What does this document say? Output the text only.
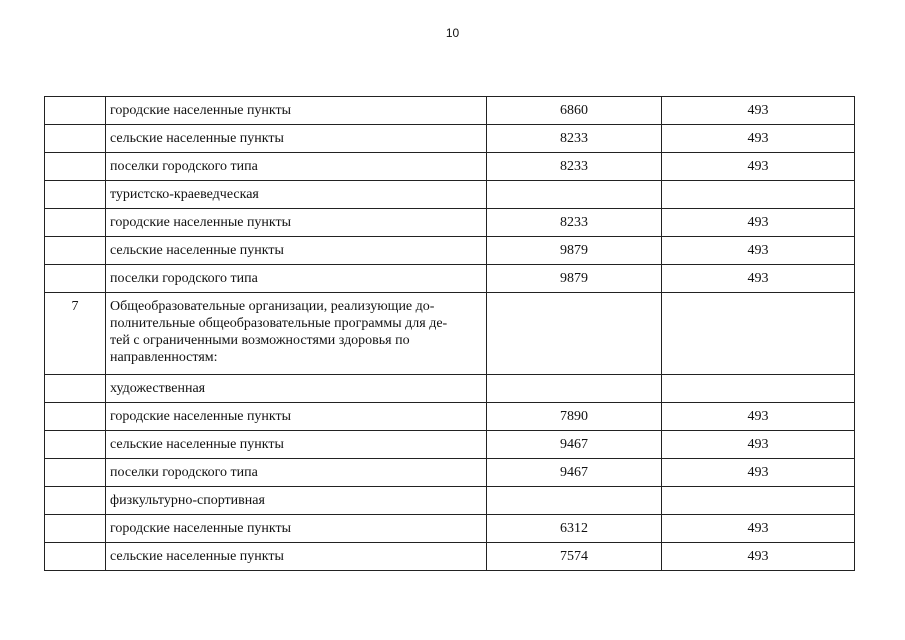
10
	городские населенные пункты	6860	493
	сельские населенные пункты	8233	493
	поселки городского типа	8233	493
	туристско-краеведческая		
	городские населенные пункты	8233	493
	сельские населенные пункты	9879	493
	поселки городского типа	9879	493
7	Общеобразовательные организации, реализующие до-
полнительные общеобразовательные программы для де-
тей с ограниченными возможностями здоровья по
направленностям:		
	художественная		
	городские населенные пункты	7890	493
	сельские населенные пункты	9467	493
	поселки городского типа	9467	493
	физкультурно-спортивная		
	городские населенные пункты	6312	493
	сельские населенные пункты	7574	493
